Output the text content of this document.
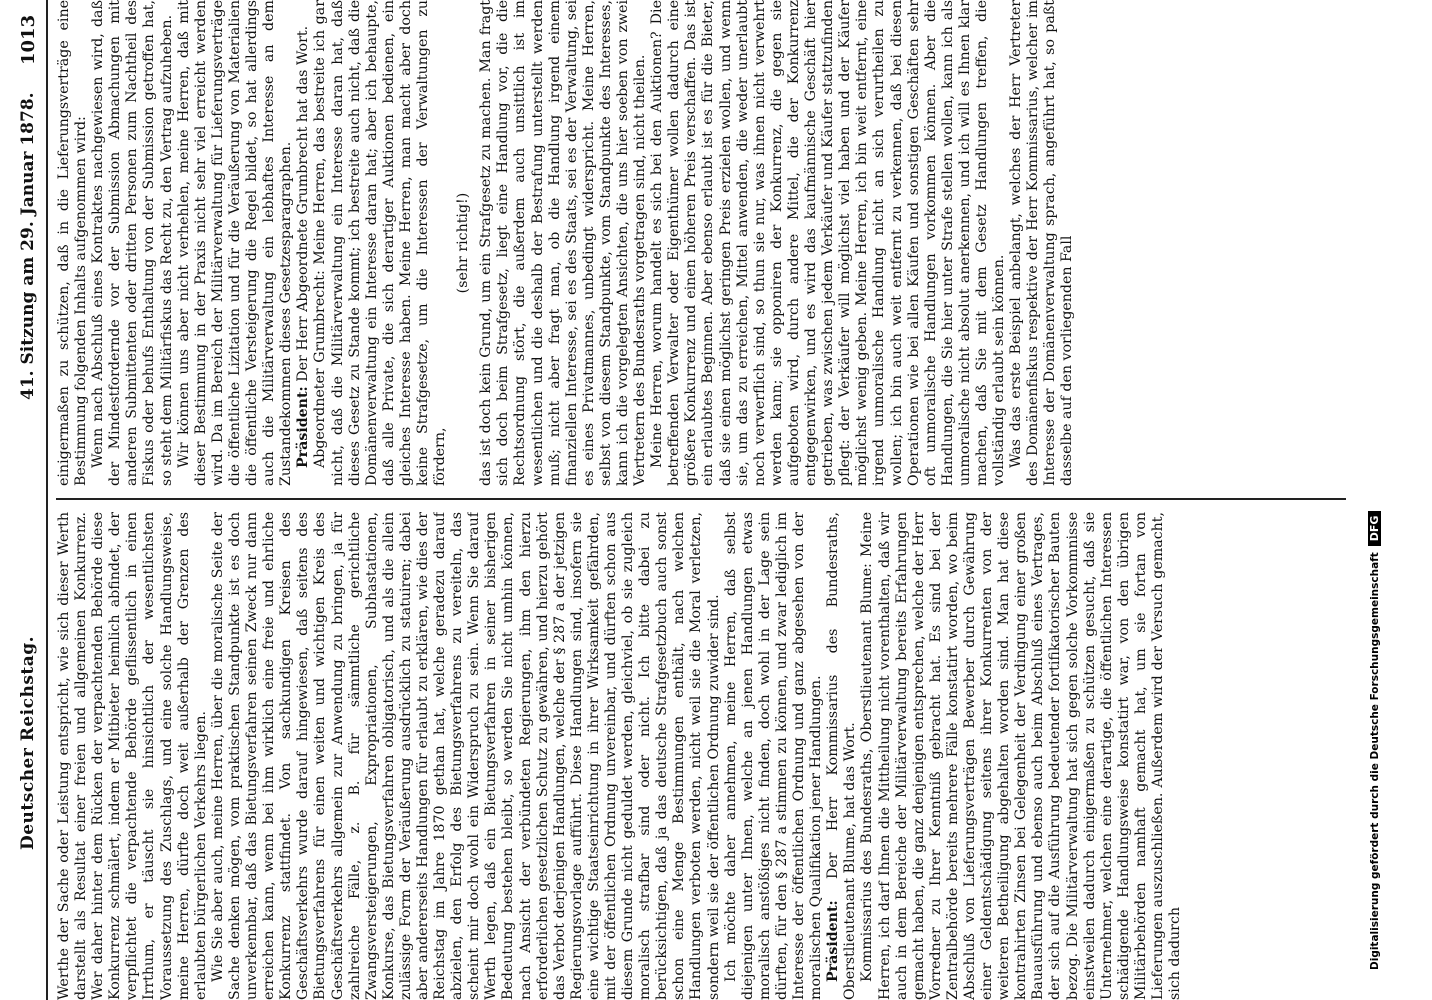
Deutscher Reichstag.
41. Sitzung am 29. Januar 1878.
1013

Werthe der Sache oder Leistung entspricht, wie sich dieser Werth darstellt als Resultat einer freien und allgemeinen Konkurrenz. Wer daher hinter dem Rücken der verpachtenden Behörde diese Konkurrenz schmälert, indem er Mitbieter heimlich abfindet, der verpflichtet die verpachtende Behörde geflissentlich in einen Irrthum, er täuscht sie hinsichtlich der wesentlichsten Voraussetzung des Zuschlags, und eine solche Handlungsweise, meine Herren, dürfte doch weit außerhalb der Grenzen des erlaubten bürgerlichen Verkehrs liegen. Wie Sie aber auch, meine Herren, über die moralische Seite der Sache denken mögen, vom praktischen Standpunkte ist es doch unverkennbar, daß das Bietungsverfahren seinen Zweck nur dann erreichen kann, wenn bei ihm wirklich eine freie und ehrliche Konkurrenz stattfindet. Von sachkundigen Kreisen des Geschäftsverkehrs wurde darauf hingewiesen, daß seitens des Bietungsverfahrens für einen weiten und wichtigen Kreis des Geschäftsverkehrs allgemein zur Anwendung zu bringen, ja für zahlreiche Fälle, z. B. für sämmtliche gerichtliche Zwangsversteigerungen, Expropriationen, Subhastationen, Konkurse, das Bietungsverfahren obligatorisch, und als die allein zulässige Form der Veräußerung ausdrücklich zu statuiren; dabei aber andererseits Handlungen für erlaubt zu erklären, wie dies der Reichstag im Jahre 1870 gethan hat, welche geradezu darauf abzielen, den Erfolg des Bietungsverfahrens zu vereiteln, das scheint mir doch wohl ein Widerspruch zu sein. Wenn Sie darauf Werth legen, daß ein Bietungsverfahren in seiner bisherigen Bedeutung bestehen bleibt, so werden Sie nicht umhin können, nach Ansicht der verbündeten Regierungen, ihm den hierzu erforderlichen gesetzlichen Schutz zu gewähren, und hierzu gehört das Verbot derjenigen Handlungen, welche der § 287 a der jetzigen Regierungsvorlage aufführt. Diese Handlungen sind, insofern sie eine wichtige Staatseinrichtung in ihrer Wirksamkeit gefährden, mit der öffentlichen Ordnung unvereinbar, und dürften schon aus diesem Grunde nicht geduldet werden, gleichviel, ob sie zugleich moralisch strafbar sind oder nicht. Ich bitte dabei zu berücksichtigen, daß ja das deutsche Strafgesetzbuch auch sonst schon eine Menge Bestimmungen enthält, nach welchen Handlungen verboten werden, nicht weil sie die Moral verletzen, sondern weil sie der öffentlichen Ordnung zuwider sind. Ich möchte daher annehmen, meine Herren, daß selbst diejenigen unter Ihnen, welche an jenen Handlungen etwas moralisch anstößiges nicht finden, doch wohl in der Lage sein dürften, für den § 287 a stimmen zu können, und zwar lediglich im Interesse der öffentlichen Ordnung und ganz abgesehen von der moralischen Qualifikation jener Handlungen. Präsident: Der Herr Kommissarius des Bundesraths, Oberstlieutenant Blume, hat das Wort. Kommissarius des Bundesraths, Oberstlieutenant Blume: Meine Herren, ich darf Ihnen die Mittheilung nicht vorenthalten, daß wir auch in dem Bereiche der Militärverwaltung bereits Erfahrungen gemacht haben, die ganz denjenigen entsprechen, welche der Herr Vorredner zu Ihrer Kenntniß gebracht hat. Es sind bei der Zentralbehörde bereits mehrere Fälle konstatirt worden, wo beim Abschluß von Lieferungsverträgen Bewerber durch Gewährung einer Geldentschädigung seitens ihrer Konkurrenten von der weiteren Betheiligung abgehalten worden sind. Man hat diese kontrahirten Zinsen bei Gelegenheit der Verdingung einer großen Bauausführung und ebenso auch beim Abschluß eines Vertrages, der sich auf die Ausführung bedeutender fortifikatorischer Bauten bezog. Die Militärverwaltung hat sich gegen solche Vorkommnisse einstweilen dadurch einigermaßen zu schützen gesucht, daß sie Unternehmer, welchen eine derartige, die öffentlichen Interessen schädigende Handlungsweise konstatirt war, von den übrigen Militärbehörden namhaft gemacht hat, um sie fortan von Lieferungen auszuschließen. Außerdem wird der Versuch gemacht, sich dadurch

einigermaßen zu schützen, daß in die Lieferungsverträge eine Bestimmung folgenden Inhalts aufgenommen wird: Wenn nach Abschluß eines Kontraktes nachgewiesen wird, daß der Mindestfordernde vor der Submission Abmachungen mit anderen Submittenten oder dritten Personen zum Nachtheil des Fiskus oder behufs Enthaltung von der Submission getroffen hat, so steht dem Militärfiskus das Recht zu, den Vertrag aufzuheben. Wir können uns aber nicht verhehlen, meine Herren, daß mit dieser Bestimmung in der Praxis nicht sehr viel erreicht werden wird. Da im Bereich der Militärverwaltung für Lieferungsverträge die öffentliche Lizitation und für die Veräußerung von Materialien die öffentliche Versteigerung die Regel bildet, so hat allerdings auch die Militärverwaltung ein lebhaftes Interesse an dem Zustandekommen dieses Gesetzesparagraphen. Präsident: Der Herr Abgeordnete Grumbrecht hat das Wort. Abgeordneter Grumbrecht: Meine Herren, das bestreite ich gar nicht, daß die Militärverwaltung ein Interesse daran hat, daß dieses Gesetz zu Stande kommt; ich bestreite auch nicht, daß die Domänenverwaltung ein Interesse daran hat; aber ich behaupte, daß alle Private, die sich derartiger Auktionen bedienen, ein gleiches Interesse haben. Meine Herren, man macht aber doch keine Strafgesetze, um die Interessen der Verwaltungen zu fördern,

(sehr richtig!) das ist doch kein Grund, um ein Strafgesetz zu machen. Man fragt sich doch beim Strafgesetz, liegt eine Handlung vor, die die Rechtsordnung stört, die außerdem auch unsittlich ist im wesentlichen und die deshalb der Bestrafung unterstellt werden muß; nicht aber fragt man, ob die Handlung irgend einem finanziellen Interesse, sei es des Staats, sei es der Verwaltung, sei es eines Privatmannes, unbedingt widerspricht. Meine Herren, selbst von diesem Standpunkte, vom Standpunkte des Interesses, kann ich die vorgelegten Ansichten, die uns hier soeben von zwei Vertretern des Bundesraths vorgetragen sind, nicht theilen. Meine Herren, worum handelt es sich bei den Auktionen? Die betreffenden Verwalter oder Eigenthümer wollen dadurch eine größere Konkurrenz und einen höheren Preis verschaffen. Das ist ein erlaubtes Beginnen. Aber ebenso erlaubt ist es für die Bieter, daß sie einen möglichst geringen Preis erzielen wollen, und wenn sie, um das zu erreichen, Mittel anwenden, die weder unerlaubt noch verwerflich sind, so thun sie nur, was ihnen nicht verwehrt werden kann; sie opponiren der Konkurrenz, die gegen sie aufgeboten wird, durch andere Mittel, die der Konkurrenz entgegenwirken, und es wird das kaufmännische Geschäft hier getrieben, was zwischen jedem Verkäufer und Käufer stattzufinden pflegt: der Verkäufer will möglichst viel haben und der Käufer möglichst wenig geben. Meine Herren, ich bin weit entfernt, eine irgend unmoralische Handlung nicht an sich verurtheilen zu wollen; ich bin auch weit entfernt zu verkennen, daß bei diesen Operationen wie bei allen Käufen und sonstigen Geschäften sehr oft unmoralische Handlungen vorkommen können. Aber die Handlungen, die Sie hier unter Strafe stellen wollen, kann ich als unmoralische nicht absolut anerkennen, und ich will es Ihnen klar machen, daß Sie mit dem Gesetz Handlungen treffen, die vollständig erlaubt sein können. Was das erste Beispiel anbelangt, welches der Herr Vertreter des Domänenfiskus respektive der Herr Kommissarius, welcher im Interesse der Domänenverwaltung sprach, angeführt hat, so paßt dasselbe auf den vorliegenden Fall

Digitalisierung gefördert durch die Deutsche ForschungsgemeinschaftDFG
